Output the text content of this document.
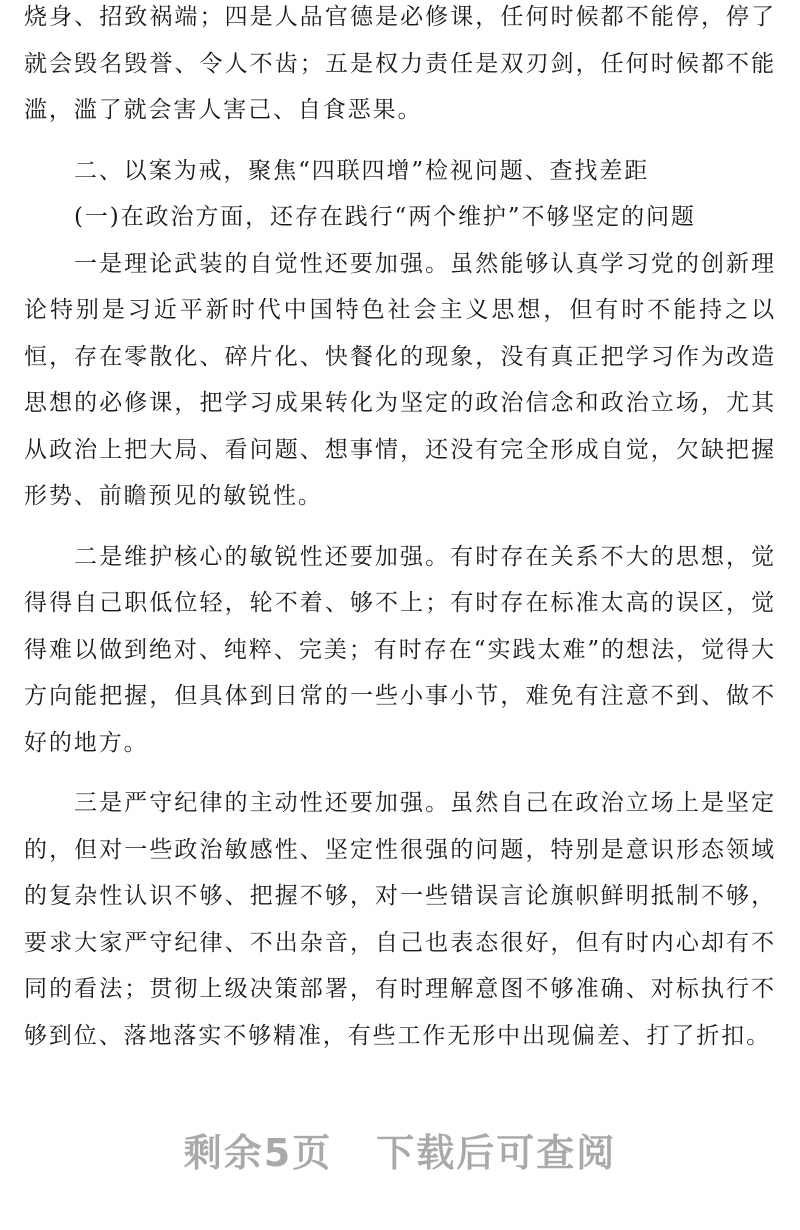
烧身、招致祸端；四是人品官德是必修课，任何时候都不能停，停了就会毁名毁誉、令人不齿；五是权力责任是双刃剑，任何时候都不能滥，滥了就会害人害己、自食恶果。

二、以案为戒，聚焦“四联四增”检视问题、查找差距

(一)在政治方面，还存在践行“两个维护”不够坚定的问题

一是理论武装的自觉性还要加强。虽然能够认真学习党的创新理论特别是习近平新时代中国特色社会主义思想，但有时不能持之以恒，存在零散化、碎片化、快餐化的现象，没有真正把学习作为改造思想的必修课，把学习成果转化为坚定的政治信念和政治立场，尤其从政治上把大局、看问题、想事情，还没有完全形成自觉，欠缺把握形势、前瞻预见的敏锐性。

二是维护核心的敏锐性还要加强。有时存在关系不大的思想，觉得得自己职低位轻，轮不着、够不上；有时存在标准太高的误区，觉得难以做到绝对、纯粹、完美；有时存在“实践太难”的想法，觉得大方向能把握，但具体到日常的一些小事小节，难免有注意不到、做不好的地方。

三是严守纪律的主动性还要加强。虽然自己在政治立场上是坚定的，但对一些政治敏感性、坚定性很强的问题，特别是意识形态领域的复杂性认识不够、把握不够，对一些错误言论旗帜鲜明抵制不够，要求大家严守纪律、不出杂音，自己也表态很好，但有时内心却有不同的看法；贯彻上级决策部署，有时理解意图不够准确、对标执行不够到位、落地落实不够精准，有些工作无形中出现偏差、打了折扣。

剩余5页 下载后可查阅
